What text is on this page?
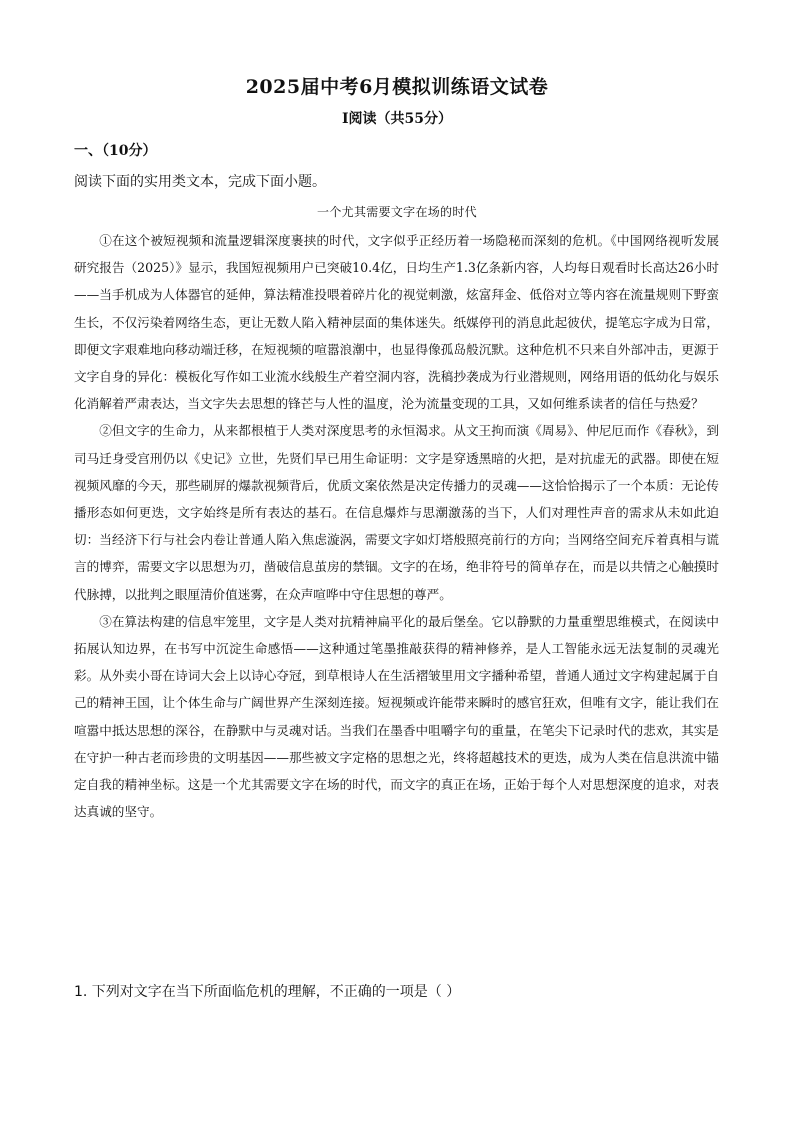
2025届中考6月模拟训练语文试卷
Ⅰ阅读（共55分）
一、（10分）
阅读下面的实用类文本，完成下面小题。
一个尤其需要文字在场的时代

①在这个被短视频和流量逻辑深度裹挟的时代，文字似乎正经历着一场隐秘而深刻的危机。《中国网络视听发展研究报告（2025）》显示，我国短视频用户已突破10.4亿，日均生产1.3亿条新内容，人均每日观看时长高达26小时——当手机成为人体器官的延伸，算法精准投喂着碎片化的视觉刺激，炫富拜金、低俗对立等内容在流量规则下野蛮生长，不仅污染着网络生态，更让无数人陷入精神层面的集体迷失。纸媒停刊的消息此起彼伏，提笔忘字成为日常，即便文字艰难地向移动端迁移，在短视频的喧嚣浪潮中，也显得像孤岛般沉默。这种危机不只来自外部冲击，更源于文字自身的异化：模板化写作如工业流水线般生产着空洞内容，洗稿抄袭成为行业潜规则，网络用语的低幼化与娱乐化消解着严肃表达，当文字失去思想的锋芒与人性的温度，沦为流量变现的工具，又如何维系读者的信任与热爱？

②但文字的生命力，从来都根植于人类对深度思考的永恒渴求。从文王拘而演《周易》、仲尼厄而作《春秋》，到司马迁身受宫刑仍以《史记》立世，先贤们早已用生命证明：文字是穿透黑暗的火把，是对抗虚无的武器。即使在短视频风靡的今天，那些刷屏的爆款视频背后，优质文案依然是决定传播力的灵魂——这恰恰揭示了一个本质：无论传播形态如何更迭，文字始终是所有表达的基石。在信息爆炸与思潮激荡的当下，人们对理性声音的需求从未如此迫切：当经济下行与社会内卷让普通人陷入焦虑漩涡，需要文字如灯塔般照亮前行的方向；当网络空间充斥着真相与谎言的博弈，需要文字以思想为刃，凿破信息茧房的禁锢。文字的在场，绝非符号的简单存在，而是以共情之心触摸时代脉搏，以批判之眼厘清价值迷雾，在众声喧哗中守住思想的尊严。

③在算法构建的信息牢笼里，文字是人类对抗精神扁平化的最后堡垒。它以静默的力量重塑思维模式，在阅读中拓展认知边界，在书写中沉淀生命感悟——这种通过笔墨推敲获得的精神修养，是人工智能永远无法复制的灵魂光彩。从外卖小哥在诗词大会上以诗心夺冠，到草根诗人在生活褶皱里用文字播种希望，普通人通过文字构建起属于自己的精神王国，让个体生命与广阔世界产生深刻连接。短视频或许能带来瞬时的感官狂欢，但唯有文字，能让我们在喧嚣中抵达思想的深谷，在静默中与灵魂对话。当我们在墨香中咀嚼字句的重量，在笔尖下记录时代的悲欢，其实是在守护一种古老而珍贵的文明基因——那些被文字定格的思想之光，终将超越技术的更迭，成为人类在信息洪流中锚定自我的精神坐标。这是一个尤其需要文字在场的时代，而文字的真正在场，正始于每个人对思想深度的追求，对表达真诚的坚守。

1. 下列对文字在当下所面临危机的理解，不正确的一项是（ ）
